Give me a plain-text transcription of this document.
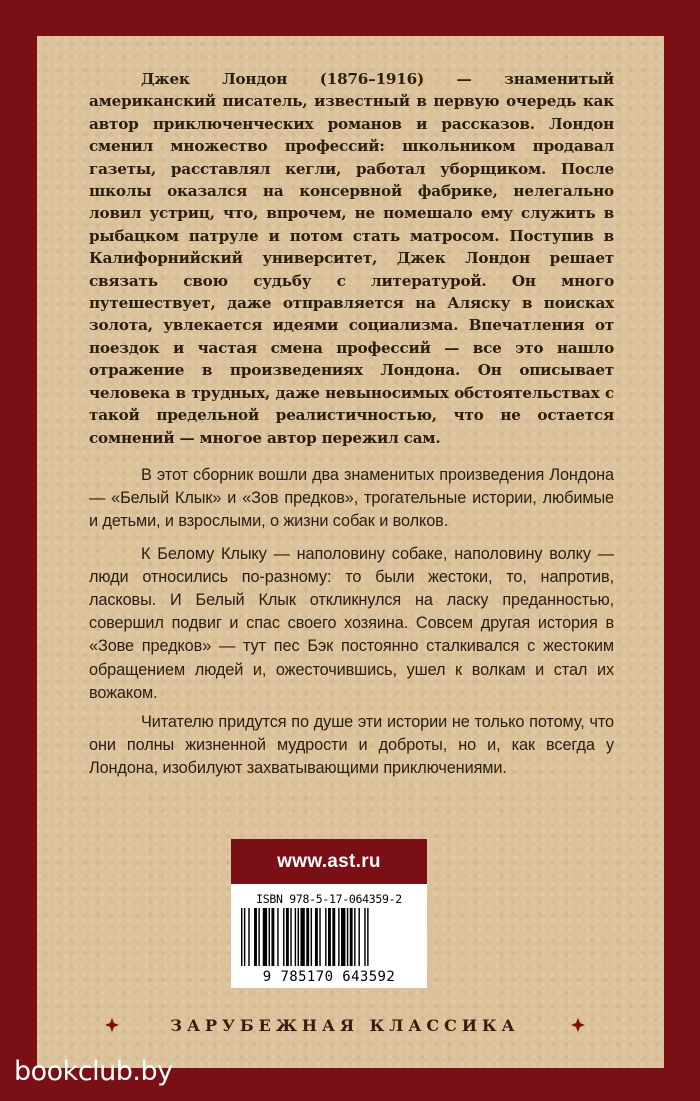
Джек Лондон (1876–1916) — знаменитый американский писатель, известный в первую очередь как автор приключенческих романов и рассказов. Лондон сменил множество профессий: школьником продавал газеты, расставлял кегли, работал уборщиком. После школы оказался на консервной фабрике, нелегально ловил устриц, что, впрочем, не помешало ему служить в рыбацком патруле и потом стать матросом. Поступив в Калифорнийский университет, Джек Лондон решает связать свою судьбу с литературой. Он много путешествует, даже отправляется на Аляску в поисках золота, увлекается идеями социализма. Впечатления от поездок и частая смена профессий — все это нашло отражение в произведениях Лондона. Он описывает человека в трудных, даже невыносимых обстоятельствах с такой предельной реалистичностью, что не остается сомнений — многое автор пережил сам.

В этот сборник вошли два знаменитых произведения Лондона — «Белый Клык» и «Зов предков», трогательные истории, любимые и детьми, и взрослыми, о жизни собак и волков.

К Белому Клыку — наполовину собаке, наполовину волку — люди относились по-разному: то были жестоки, то, напротив, ласковы. И Белый Клык откликнулся на ласку преданностью, совершил подвиг и спас своего хозяина. Совсем другая история в «Зове предков» — тут пес Бэк постоянно сталкивался с жестоким обращением людей и, ожесточившись, ушел к волкам и стал их вожаком.

Читателю придутся по душе эти истории не только потому, что они полны жизненной мудрости и доброты, но и, как всегда у Лондона, изобилуют захватывающими приключениями.

www.ast.ru
ISBN 978-5-17-064359-2
9 785170 643592
ЗАРУБЕЖНАЯ КЛАССИКА
bookclub.by
